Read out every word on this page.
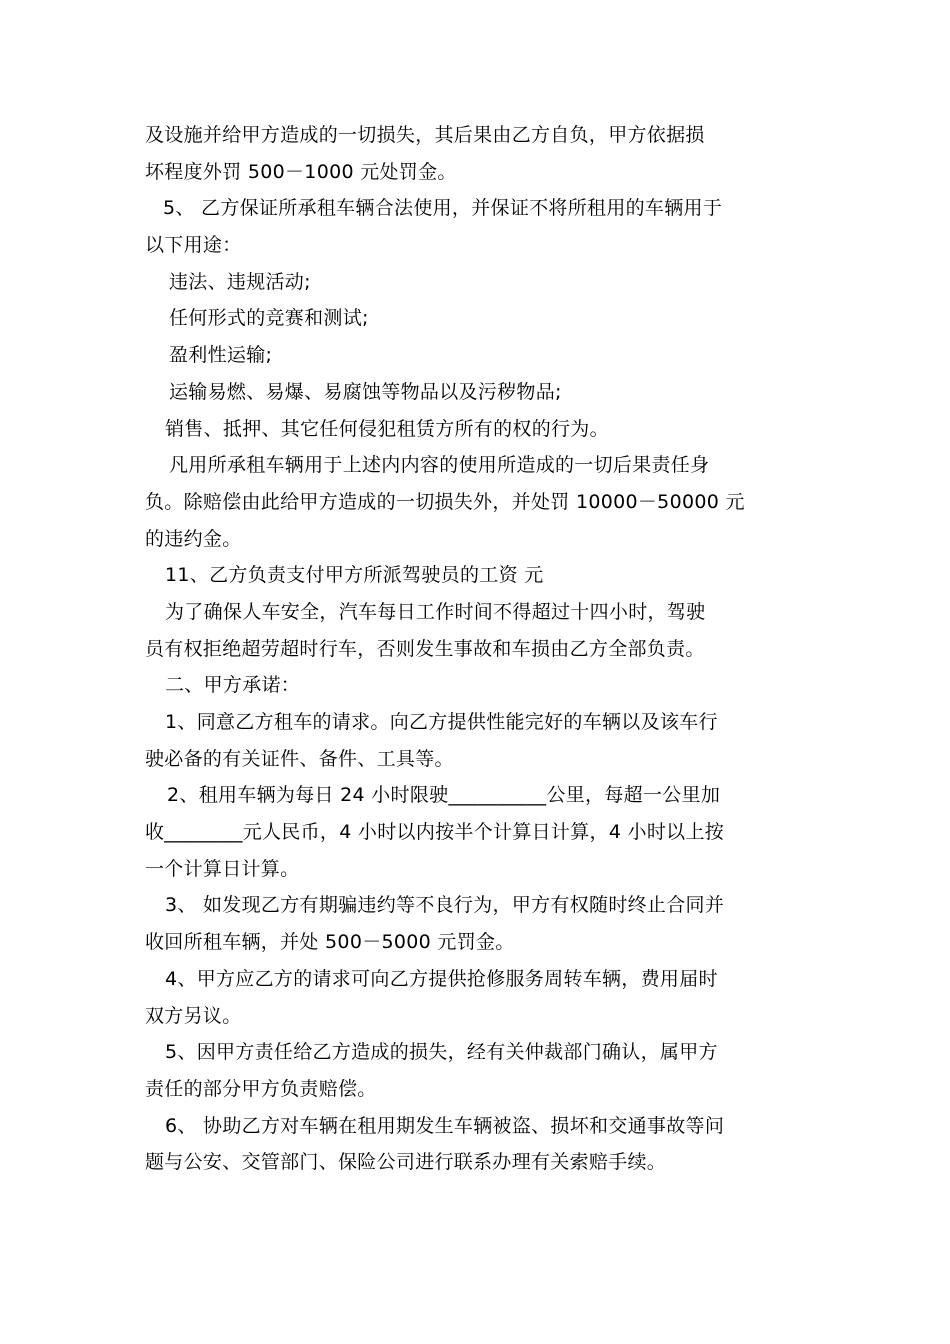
及设施并给甲方造成的一切损失，其后果由乙方自负，甲方依据损
坏程度外罚 500－1000 元处罚金。
5、 乙方保证所承租车辆合法使用，并保证不将所租用的车辆用于
以下用途：
违法、违规活动;
任何形式的竞赛和测试;
盈利性运输;
运输易燃、易爆、易腐蚀等物品以及污秽物品;
销售、抵押、其它任何侵犯租赁方所有的权的行为。
凡用所承租车辆用于上述内内容的使用所造成的一切后果责任身
负。除赔偿由此给甲方造成的一切损失外，并处罚 10000－50000 元
的违约金。
11、乙方负责支付甲方所派驾驶员的工资 元
为了确保人车安全，汽车每日工作时间不得超过十四小时，驾驶
员有权拒绝超劳超时行车，否则发生事故和车损由乙方全部负责。
二、甲方承诺：
1、同意乙方租车的请求。向乙方提供性能完好的车辆以及该车行
驶必备的有关证件、备件、工具等。
2、租用车辆为每日 24 小时限驶__________公里，每超一公里加
收________元人民币，4 小时以内按半个计算日计算，4 小时以上按
一个计算日计算。
3、 如发现乙方有期骗违约等不良行为，甲方有权随时终止合同并
收回所租车辆，并处 500－5000 元罚金。
4、甲方应乙方的请求可向乙方提供抢修服务周转车辆，费用届时
双方另议。
5、因甲方责任给乙方造成的损失，经有关仲裁部门确认，属甲方
责任的部分甲方负责赔偿。
6、 协助乙方对车辆在租用期发生车辆被盗、损坏和交通事故等问
题与公安、交管部门、保险公司进行联系办理有关索赔手续。
